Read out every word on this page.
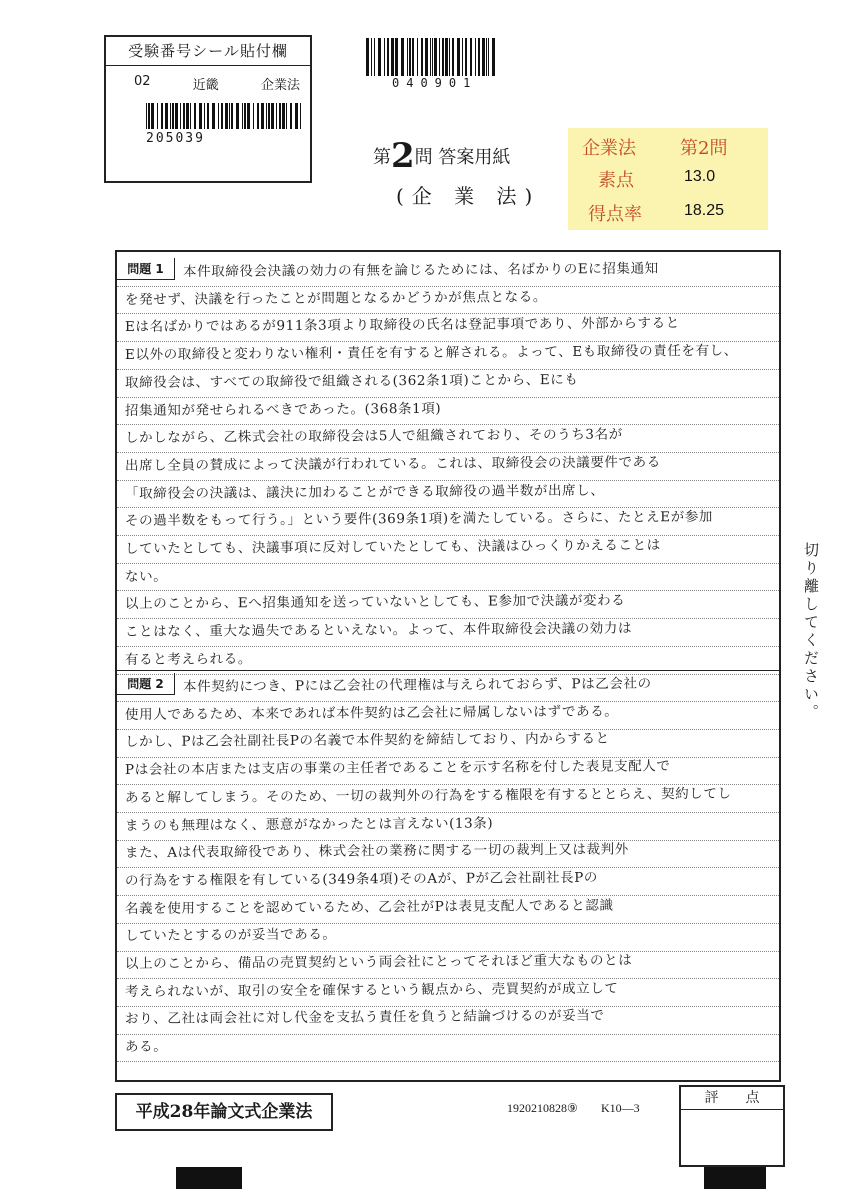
受験番号シール貼付欄
02	近畿	企業法
205039
040901
第2問 答案用紙
(企 業 法)
企業法 第2問
素点	13.0
得点率	18.25
切り離してください。
問題 1	本件取締役会決議の効力の有無を論じるためには、名ばかりのEに招集通知
を発せず、決議を行ったことが問題となるかどうかが焦点となる。
Eは名ばかりではあるが911条3項より取締役の氏名は登記事項であり、外部からすると
E以外の取締役と変わりない権利・責任を有すると解される。よって、Eも取締役の責任を有し、
取締役会は、すべての取締役で組織される(362条1項)ことから、Eにも
招集通知が発せられるべきであった。(368条1項)
しかしながら、乙株式会社の取締役会は5人で組織されており、そのうち3名が
出席し全員の賛成によって決議が行われている。これは、取締役会の決議要件である
「取締役会の決議は、議決に加わることができる取締役の過半数が出席し、
その過半数をもって行う。」という要件(369条1項)を満たしている。さらに、たとえEが参加
していたとしても、決議事項に反対していたとしても、決議はひっくりかえることは
ない。
以上のことから、Eへ招集通知を送っていないとしても、E参加で決議が変わる
ことはなく、重大な過失であるといえない。よって、本件取締役会決議の効力は
有ると考えられる。
問題 2	本件契約につき、Pには乙会社の代理権は与えられておらず、Pは乙会社の
使用人であるため、本来であれば本件契約は乙会社に帰属しないはずである。
しかし、Pは乙会社副社長Pの名義で本件契約を締結しており、内からすると
Pは会社の本店または支店の事業の主任者であることを示す名称を付した表見支配人で
あると解してしまう。そのため、一切の裁判外の行為をする権限を有するととらえ、契約してし
まうのも無理はなく、悪意がなかったとは言えない(13条)
また、Aは代表取締役であり、株式会社の業務に関する一切の裁判上又は裁判外
の行為をする権限を有している(349条4項)そのAが、Pが乙会社副社長Pの
名義を使用することを認めているため、乙会社がPは表見支配人であると認識
していたとするのが妥当である。
以上のことから、備品の売買契約という両会社にとってそれほど重大なものとは
考えられないが、取引の安全を確保するという観点から、売買契約が成立して
おり、乙社は両会社に対し代金を支払う責任を負うと結論づけるのが妥当で
ある。
平成28年論文式企業法	1920210828⑨ K10—3
評 点
